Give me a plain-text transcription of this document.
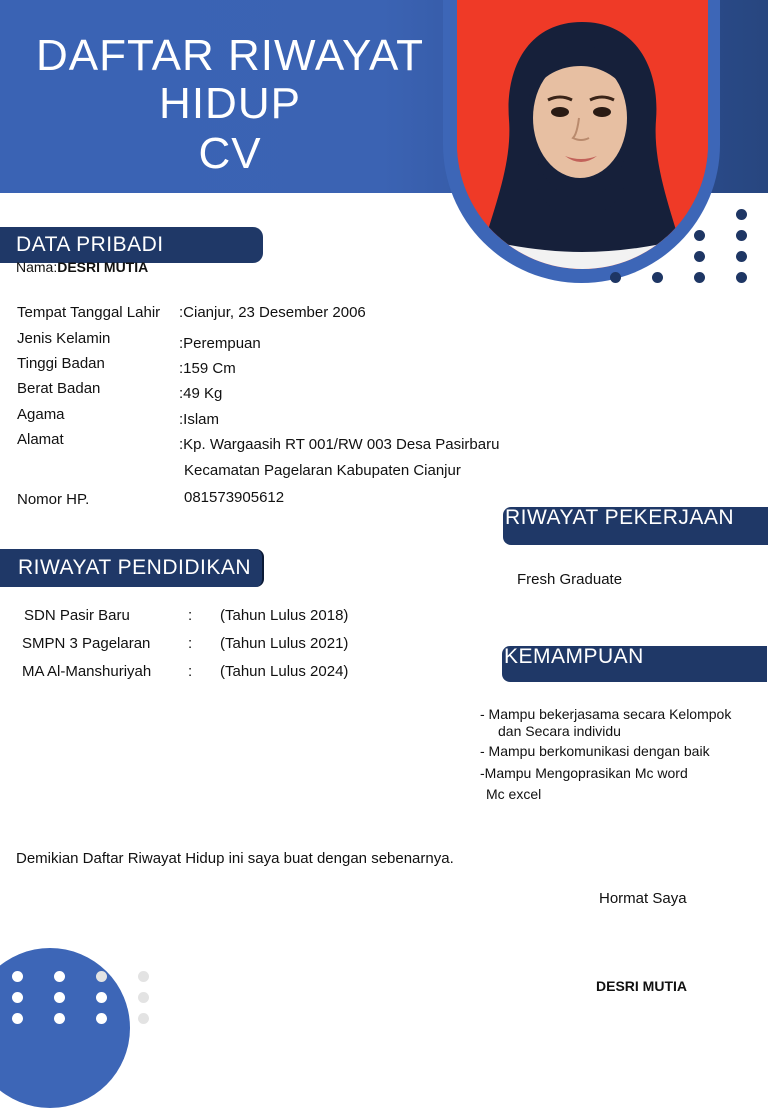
DAFTAR RIWAYAT
HIDUP
CV
DATA PRIBADI
Nama:DESRI MUTIA
Tempat Tanggal Lahir :Cianjur, 23 Desember 2006
Jenis Kelamin	:Perempuan
Tinggi Badan	:159 Cm
Berat Badan	:49 Kg
Agama	:Islam
Alamat	:Kp. Wargaasih RT 001/RW 003 Desa Pasirbaru
Kecamatan Pagelaran Kabupaten Cianjur
Nomor HP.	081573905612
RIWAYAT PENDIDIKAN
SDN Pasir Baru	: (Tahun Lulus 2018)
SMPN 3 Pagelaran	: (Tahun Lulus 2021)
MA Al-Manshuriyah : (Tahun Lulus 2024)
RIWAYAT PEKERJAAN
Fresh Graduate
KEMAMPUAN
- Mampu bekerjasama secara Kelompok
dan Secara individu
- Mampu berkomunikasi dengan baik
-Mampu Mengoprasikan Mc word
Mc excel
Demikian Daftar Riwayat Hidup ini saya buat dengan sebenarnya.
Hormat Saya
DESRI MUTIA
